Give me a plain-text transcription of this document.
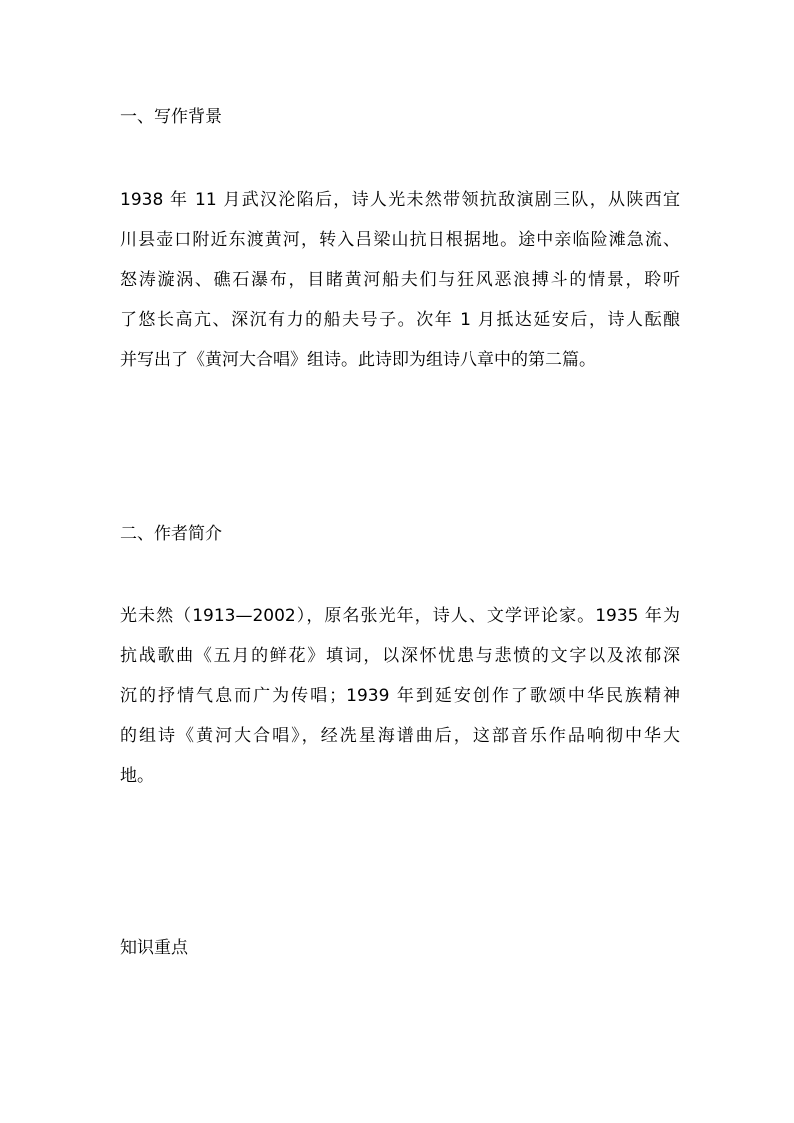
一、写作背景
1938 年 11 月武汉沦陷后，诗人光未然带领抗敌演剧三队，从陕西宜
川县壶口附近东渡黄河，转入吕梁山抗日根据地。途中亲临险滩急流、
怒涛漩涡、礁石瀑布，目睹黄河船夫们与狂风恶浪搏斗的情景，聆听
了悠长高亢、深沉有力的船夫号子。次年 1 月抵达延安后，诗人酝酿
并写出了《黄河大合唱》组诗。此诗即为组诗八章中的第二篇。
二、作者简介
光未然（1913—2002），原名张光年，诗人、文学评论家。1935 年为
抗战歌曲《五月的鲜花》填词，以深怀忧患与悲愤的文字以及浓郁深
沉的抒情气息而广为传唱；1939 年到延安创作了歌颂中华民族精神
的组诗《黄河大合唱》，经冼星海谱曲后，这部音乐作品响彻中华大
地。
知识重点
